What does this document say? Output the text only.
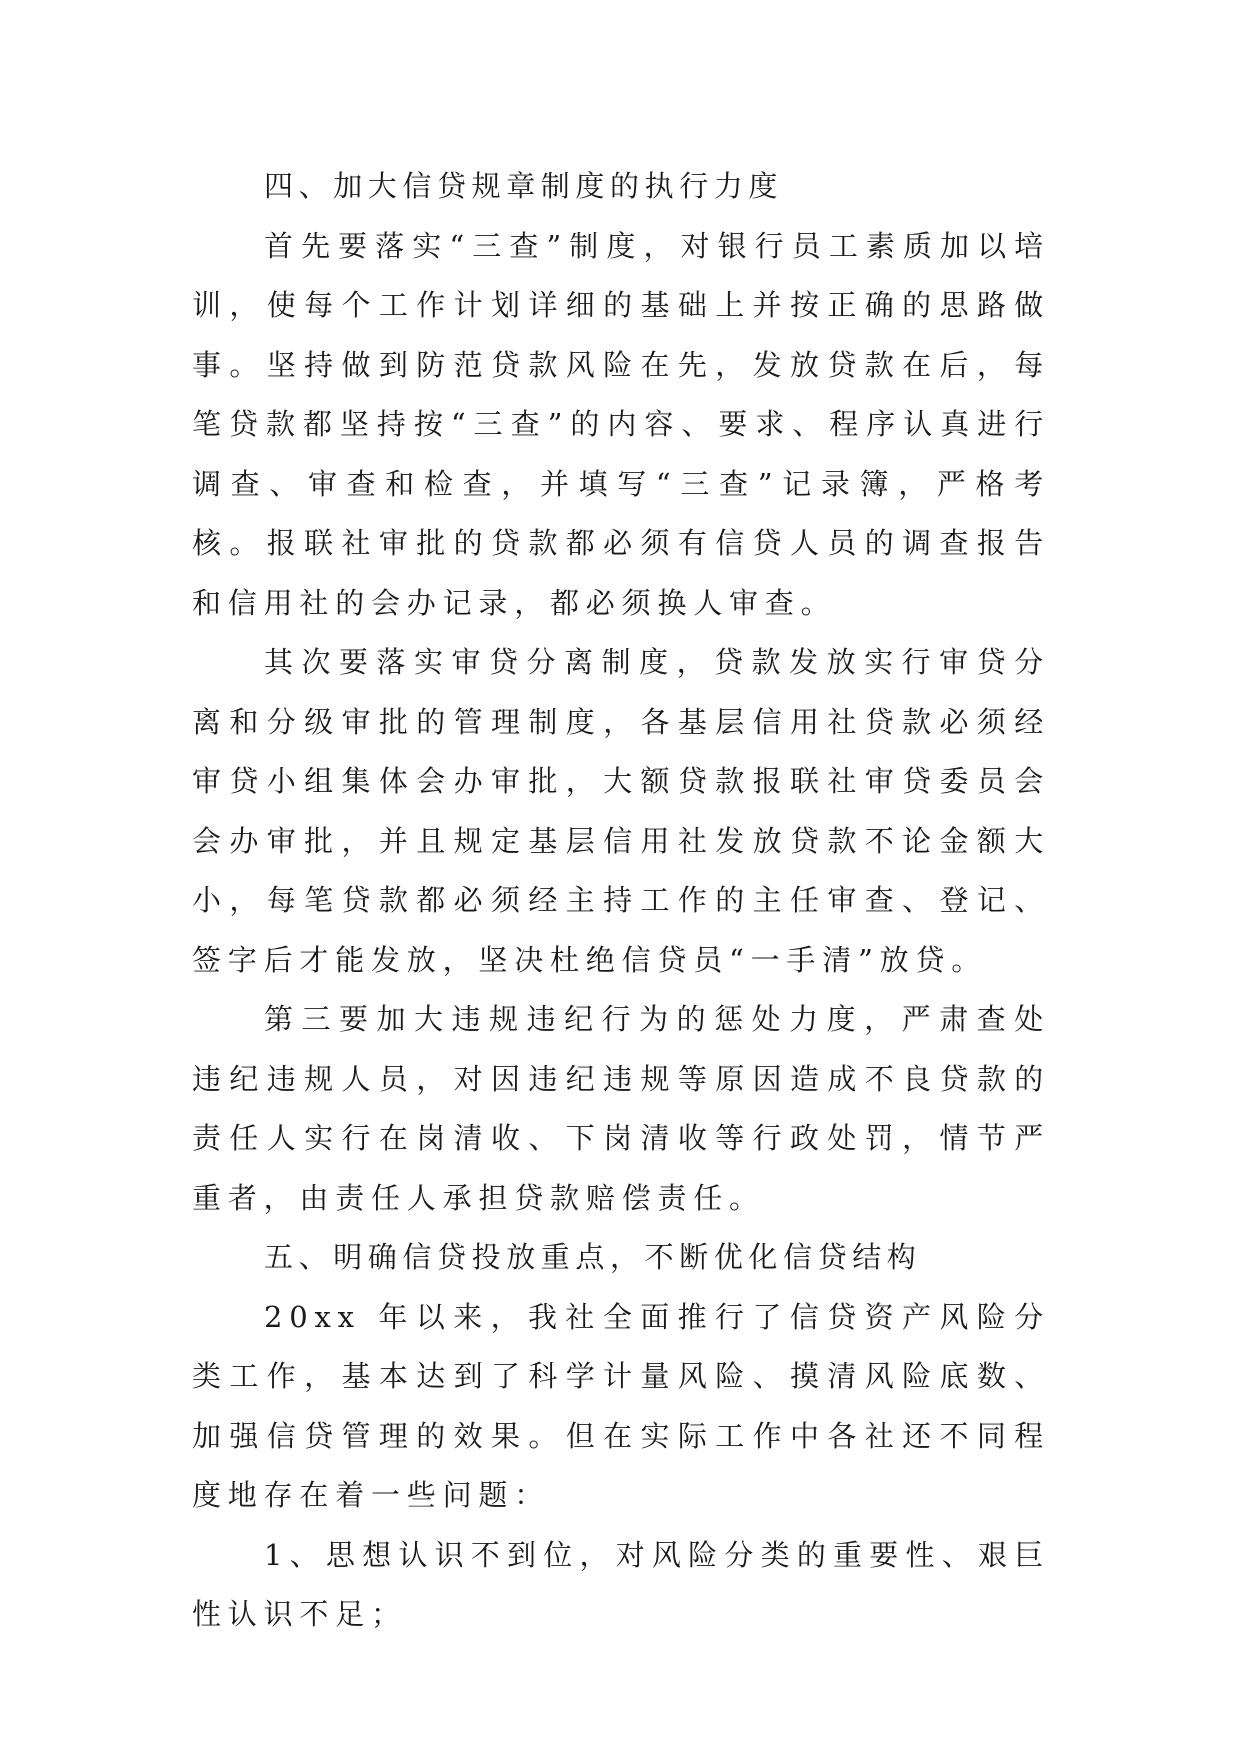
四、加大信贷规章制度的执行力度

首先要落实“三查”制度，对银行员工素质加以培训，使每个工作计划详细的基础上并按正确的思路做事。坚持做到防范贷款风险在先，发放贷款在后，每笔贷款都坚持按“三查”的内容、要求、程序认真进行调查、审查和检查，并填写“三查”记录簿，严格考核。报联社审批的贷款都必须有信贷人员的调查报告和信用社的会办记录，都必须换人审查。

其次要落实审贷分离制度，贷款发放实行审贷分离和分级审批的管理制度，各基层信用社贷款必须经审贷小组集体会办审批，大额贷款报联社审贷委员会会办审批，并且规定基层信用社发放贷款不论金额大小，每笔贷款都必须经主持工作的主任审查、登记、签字后才能发放，坚决杜绝信贷员“一手清”放贷。

第三要加大违规违纪行为的惩处力度，严肃查处违纪违规人员，对因违纪违规等原因造成不良贷款的责任人实行在岗清收、下岗清收等行政处罚，情节严重者，由责任人承担贷款赔偿责任。

五、明确信贷投放重点，不断优化信贷结构

20xx 年以来，我社全面推行了信贷资产风险分类工作，基本达到了科学计量风险、摸清风险底数、加强信贷管理的效果。但在实际工作中各社还不同程度地存在着一些问题：

1、思想认识不到位，对风险分类的重要性、艰巨性认识不足；
